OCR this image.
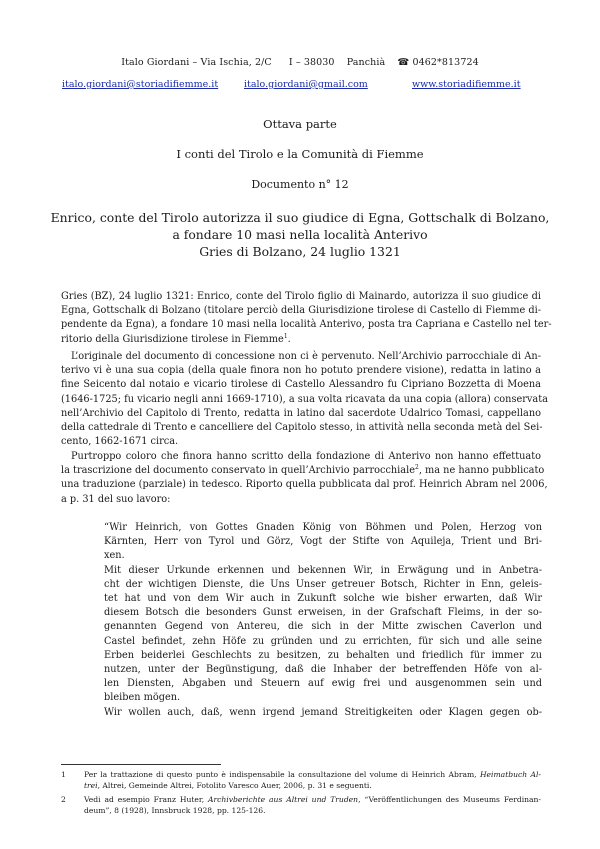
Italo Giordani – Via Ischia, 2/C I – 38030 Panchià ☎ 0462*813724
italo.giordani@storiadifiemme.it	italo.giordani@gmail.com	www.storiadifiemme.it
Ottava parte
I conti del Tirolo e la Comunità di Fiemme
Documento n° 12
Enrico, conte del Tirolo autorizza il suo giudice di Egna, Gottschalk di Bolzano,
a fondare 10 masi nella località Anterivo
Gries di Bolzano, 24 luglio 1321
Gries (BZ), 24 luglio 1321: Enrico, conte del Tirolo figlio di Mainardo, autorizza il suo giudice di
Egna, Gottschalk di Bolzano (titolare perciò della Giurisdizione tirolese di Castello di Fiemme di-
pendente da Egna), a fondare 10 masi nella località Anterivo, posta tra Capriana e Castello nel ter-
ritorio della Giurisdizione tirolese in Fiemme$^1$.
L’originale del documento di concessione non ci è pervenuto. Nell’Archivio parrocchiale di An-
terivo vi è una sua copia (della quale finora non ho potuto prendere visione), redatta in latino a
fine Seicento dal notaio e vicario tirolese di Castello Alessandro fu Cipriano Bozzetta di Moena
(1646-1725; fu vicario negli anni 1669-1710), a sua volta ricavata da una copia (allora) conservata
nell’Archivio del Capitolo di Trento, redatta in latino dal sacerdote Udalrico Tomasi, cappellano
della cattedrale di Trento e cancelliere del Capitolo stesso, in attività nella seconda metà del Sei-
cento, 1662-1671 circa.
Purtroppo coloro che finora hanno scritto della fondazione di Anterivo non hanno effettuato
la trascrizione del documento conservato in quell’Archivio parrocchiale$^2$, ma ne hanno pubblicato
una traduzione (parziale) in tedesco. Riporto quella pubblicata dal prof. Heinrich Abram nel 2006,
a p. 31 del suo lavoro:
“Wir Heinrich, von Gottes Gnaden König von Böhmen und Polen, Herzog von
Kärnten, Herr von Tyrol und Görz, Vogt der Stifte von Aquileja, Trient und Bri-
xen.
Mit dieser Urkunde erkennen und bekennen Wir, in Erwägung und in Anbetra-
cht der wichtigen Dienste, die Uns Unser getreuer Botsch, Richter in Enn, geleis-
tet hat und von dem Wir auch in Zukunft solche wie bisher erwarten, daß Wir
diesem Botsch die besonders Gunst erweisen, in der Grafschaft Fleims, in der so-
genannten Gegend von Antereu, die sich in der Mitte zwischen Caverlon und
Castel befindet, zehn Höfe zu gründen und zu errichten, für sich und alle seine
Erben beiderlei Geschlechts zu besitzen, zu behalten und friedlich für immer zu
nutzen, unter der Begünstigung, daß die Inhaber der betreffenden Höfe von al-
len Diensten, Abgaben und Steuern auf ewig frei und ausgenommen sein und
bleiben mögen.
Wir wollen auch, daß, wenn irgend jemand Streitigkeiten oder Klagen gegen ob-
1 Per la trattazione di questo punto è indispensabile la consultazione del volume di Heinrich Abram, Heimatbuch Al-
trei, Altrei, Gemeinde Altrei, Fotolito Varesco Auer, 2006, p. 31 e seguenti.
2 Vedi ad esempio Franz Huter, Archivberichte aus Altrei und Truden, “Veröffentlichungen des Museums Ferdinan-
deum”, 8 (1928), Innsbruck 1928, pp. 125-126.
